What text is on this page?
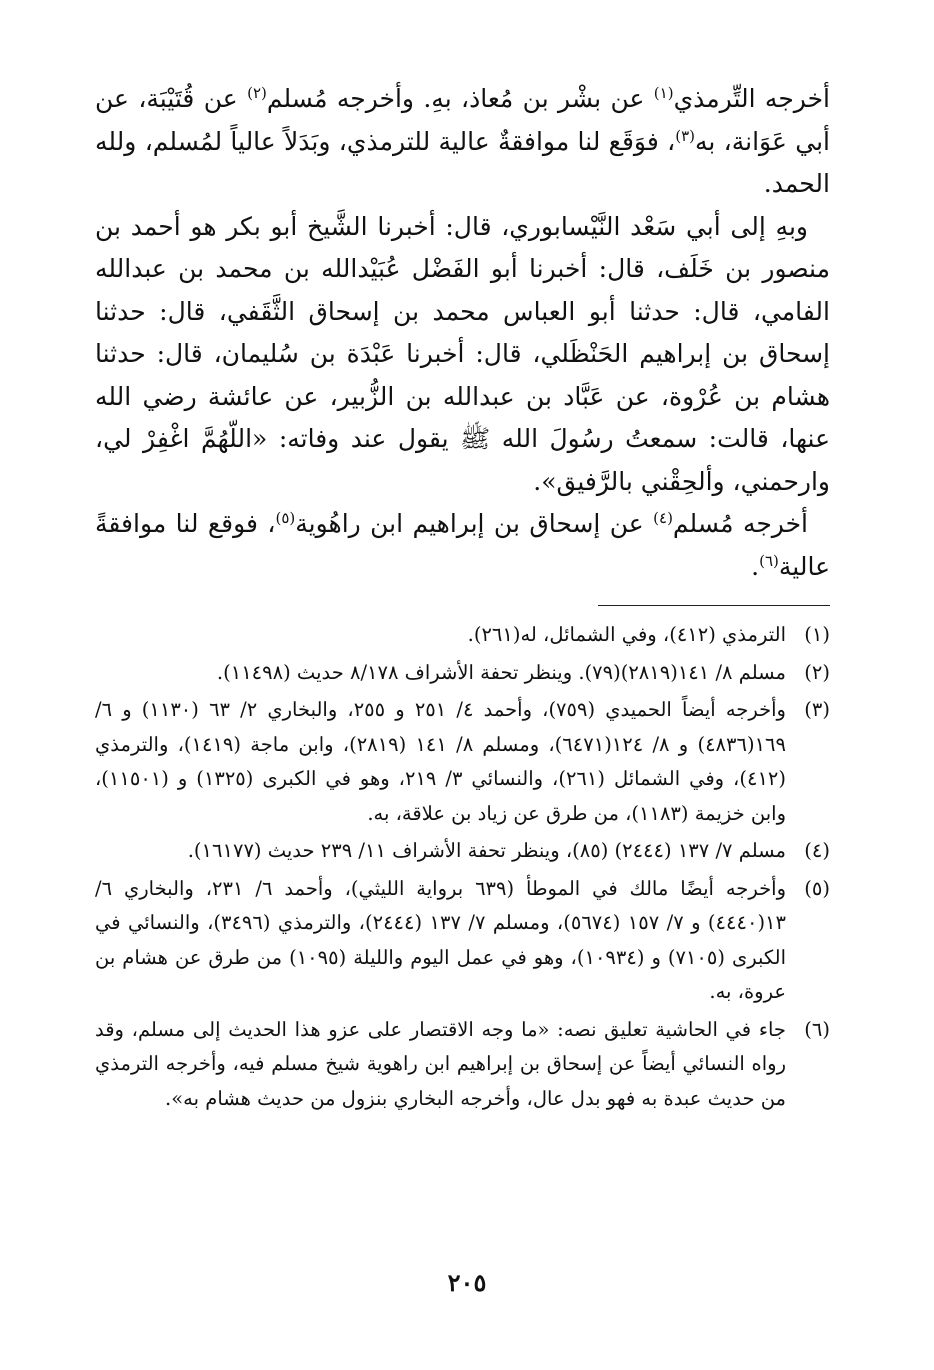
أخرجه التِّرمذي$^{(١)}$ عن بشْر بن مُعاذ، بهِ. وأخرجه مُسلم$^{(٢)}$ عن قُتَيْبَة، عن أبي عَوَانة، به$^{(٣)}$، فوَقَع لنا موافقةٌ عالية للترمذي، وبَدَلاً عالياً لمُسلم، ولله الحمد.

وبهِ إلى أبي سَعْد النَّيْسابوري، قال: أخبرنا الشَّيخ أبو بكر هو أحمد بن منصور بن خَلَف، قال: أخبرنا أبو الفَضْل عُبَيْدالله بن محمد بن عبدالله الفامي، قال: حدثنا أبو العباس محمد بن إسحاق الثَّقَفي، قال: حدثنا إسحاق بن إبراهيم الحَنْظَلي، قال: أخبرنا عَبْدَة بن سُليمان، قال: حدثنا هشام بن عُرْوة، عن عَبَّاد بن عبدالله بن الزُّبير، عن عائشة رضي الله عنها، قالت: سمعتُ رسُولَ الله ﷺ يقول عند وفاته: «اللّهُمَّ اغْفِرْ لي، وارحمني، وألحِقْني بالرَّفيق».

أخرجه مُسلم$^{(٤)}$ عن إسحاق بن إبراهيم ابن راهُوية$^{(٥)}$، فوقع لنا موافقةً عالية$^{(٦)}$.

(١)
الترمذي (٤١٢)، وفي الشمائل، له(٢٦١).
(٢)
مسلم ٨/ ١٤١(٢٨١٩)(٧٩). وينظر تحفة الأشراف ٨/١٧٨ حديث (١١٤٩٨).
(٣)
وأخرجه أيضاً الحميدي (٧٥٩)، وأحمد ٤/ ٢٥١ و ٢٥٥، والبخاري ٢/ ٦٣ (١١٣٠) و ٦/ ١٦٩(٤٨٣٦) و ٨/ ١٢٤(٦٤٧١)، ومسلم ٨/ ١٤١ (٢٨١٩)، وابن ماجة (١٤١٩)، والترمذي (٤١٢)، وفي الشمائل (٢٦١)، والنسائي ٣/ ٢١٩، وهو في الكبرى (١٣٢٥) و (١١٥٠١)، وابن خزيمة (١١٨٣)، من طرق عن زياد بن علاقة، به.
(٤)
مسلم ٧/ ١٣٧ (٢٤٤٤) (٨٥)، وينظر تحفة الأشراف ١١/ ٢٣٩ حديث (١٦١٧٧).
(٥)
وأخرجه أيضًا مالك في الموطأ (٦٣٩ برواية الليثي)، وأحمد ٦/ ٢٣١، والبخاري ٦/ ١٣(٤٤٤٠) و ٧/ ١٥٧ (٥٦٧٤)، ومسلم ٧/ ١٣٧ (٢٤٤٤)، والترمذي (٣٤٩٦)، والنسائي في الكبرى (٧١٠٥) و (١٠٩٣٤)، وهو في عمل اليوم والليلة (١٠٩٥) من طرق عن هشام بن عروة، به.
(٦)
جاء في الحاشية تعليق نصه: «ما وجه الاقتصار على عزو هذا الحديث إلى مسلم، وقد رواه النسائي أيضاً عن إسحاق بن إبراهيم ابن راهوية شيخ مسلم فيه، وأخرجه الترمذي من حديث عبدة به فهو بدل عال، وأخرجه البخاري بنزول من حديث هشام به».
٢٠٥
